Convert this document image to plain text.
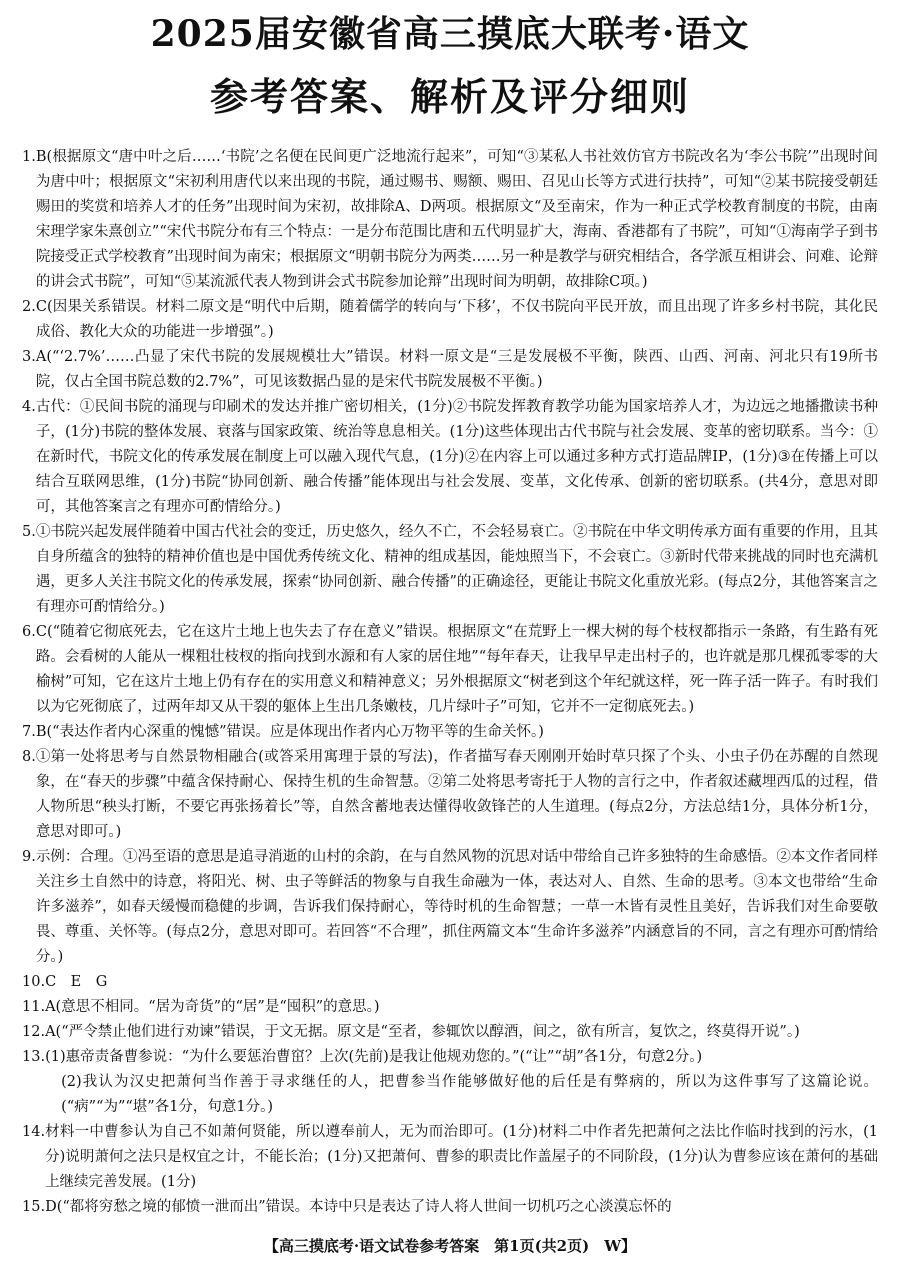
2025届安徽省高三摸底大联考·语文
参考答案、解析及评分细则
1. B(根据原文“唐中叶之后……‘书院’之名便在民间更广泛地流行起来”，可知“③某私人书社效仿官方书院改名为‘李公书院’”出现时间为唐中叶；根据原文“宋初利用唐代以来出现的书院，通过赐书、赐额、赐田、召见山长等方式进行扶持”，可知“②某书院接受朝廷赐田的奖赏和培养人才的任务”出现时间为宋初，故排除A、D两项。根据原文“及至南宋，作为一种正式学校教育制度的书院，由南宋理学家朱熹创立”“宋代书院分布有三个特点：一是分布范围比唐和五代明显扩大，海南、香港都有了书院”，可知“①海南学子到书院接受正式学校教育”出现时间为南宋；根据原文“明朝书院分为两类……另一种是教学与研究相结合，各学派互相讲会、问难、论辩的讲会式书院”，可知“⑤某流派代表人物到讲会式书院参加论辩”出现时间为明朝，故排除C项。)
2. C(因果关系错误。材料二原文是“明代中后期，随着儒学的转向与‘下移’，不仅书院向平民开放，而且出现了许多乡村书院，其化民成俗、教化大众的功能进一步增强”。)
3. A(“‘2.7%’……凸显了宋代书院的发展规模壮大”错误。材料一原文是“三是发展极不平衡，陕西、山西、河南、河北只有19所书院，仅占全国书院总数的2.7%”，可见该数据凸显的是宋代书院发展极不平衡。)
4. 古代：①民间书院的涌现与印刷术的发达并推广密切相关，(1分)②书院发挥教育教学功能为国家培养人才，为边远之地播撒读书种子，(1分)书院的整体发展、衰落与国家政策、统治等息息相关。(1分)这些体现出古代书院与社会发展、变革的密切联系。当今：①在新时代，书院文化的传承发展在制度上可以融入现代气息，(1分)②在内容上可以通过多种方式打造品牌IP，(1分)③在传播上可以结合互联网思维，(1分)书院“协同创新、融合传播”能体现出与社会发展、变革，文化传承、创新的密切联系。(共4分，意思对即可，其他答案言之有理亦可酌情给分。)
5. ①书院兴起发展伴随着中国古代社会的变迁，历史悠久，经久不亡，不会轻易衰亡。②书院在中华文明传承方面有重要的作用，且其自身所蕴含的独特的精神价值也是中国优秀传统文化、精神的组成基因，能烛照当下，不会衰亡。③新时代带来挑战的同时也充满机遇，更多人关注书院文化的传承发展，探索“协同创新、融合传播”的正确途径，更能让书院文化重放光彩。(每点2分，其他答案言之有理亦可酌情给分。)
6. C(“随着它彻底死去，它在这片土地上也失去了存在意义”错误。根据原文“在荒野上一棵大树的每个枝杈都指示一条路，有生路有死路。会看树的人能从一棵粗壮枝杈的指向找到水源和有人家的居住地”“每年春天，让我早早走出村子的，也许就是那几棵孤零零的大榆树”可知，它在这片土地上仍有存在的实用意义和精神意义；另外根据原文“树老到这个年纪就这样，死一阵子活一阵子。有时我们以为它死彻底了，过两年却又从干裂的躯体上生出几条嫩枝，几片绿叶子”可知，它并不一定彻底死去。)
7. B(“表达作者内心深重的愧憾”错误。应是体现出作者内心万物平等的生命关怀。)
8. ①第一处将思考与自然景物相融合(或答采用寓理于景的写法)，作者描写春天刚刚开始时草只探了个头、小虫子仍在苏醒的自然现象，在“春天的步骤”中蕴含保持耐心、保持生机的生命智慧。②第二处将思考寄托于人物的言行之中，作者叙述藏埋西瓜的过程，借人物所思“秧头打断，不要它再张扬着长”等，自然含蓄地表达懂得收敛锋芒的人生道理。(每点2分，方法总结1分，具体分析1分，意思对即可。)
9. 示例：合理。①冯至语的意思是追寻消逝的山村的余韵，在与自然风物的沉思对话中带给自己许多独特的生命感悟。②本文作者同样关注乡土自然中的诗意，将阳光、树、虫子等鲜活的物象与自我生命融为一体，表达对人、自然、生命的思考。③本文也带给“生命许多滋养”，如春天缓慢而稳健的步调，告诉我们保持耐心，等待时机的生命智慧；一草一木皆有灵性且美好，告诉我们对生命要敬畏、尊重、关怀等。(每点2分，意思对即可。若回答“不合理”，抓住两篇文本“生命许多滋养”内涵意旨的不同，言之有理亦可酌情给分。)
10. C　E　G
11. A(意思不相同。“居为奇货”的“居”是“囤积”的意思。)
12. A(“严令禁止他们进行劝谏”错误，于文无据。原文是“至者，参辄饮以醇酒，间之，欲有所言，复饮之，终莫得开说”。)
13. (1)惠帝责备曹参说：“为什么要惩治曹窋？上次(先前)是我让他规劝您的。”(“让”“胡”各1分，句意2分。)
(2)我认为汉史把萧何当作善于寻求继任的人，把曹参当作能够做好他的后任是有弊病的，所以为这件事写了这篇论说。(“病”“为”“堪”各1分，句意1分。)
14. 材料一中曹参认为自己不如萧何贤能，所以遵奉前人，无为而治即可。(1分)材料二中作者先把萧何之法比作临时找到的污水，(1分)说明萧何之法只是权宜之计，不能长治；(1分)又把萧何、曹参的职责比作盖屋子的不同阶段，(1分)认为曹参应该在萧何的基础上继续完善发展。(1分)
15. D(“都将穷愁之境的郁愤一泄而出”错误。本诗中只是表达了诗人将人世间一切机巧之心淡漠忘怀的
【高三摸底考·语文试卷参考答案　第1页(共2页)　W】
